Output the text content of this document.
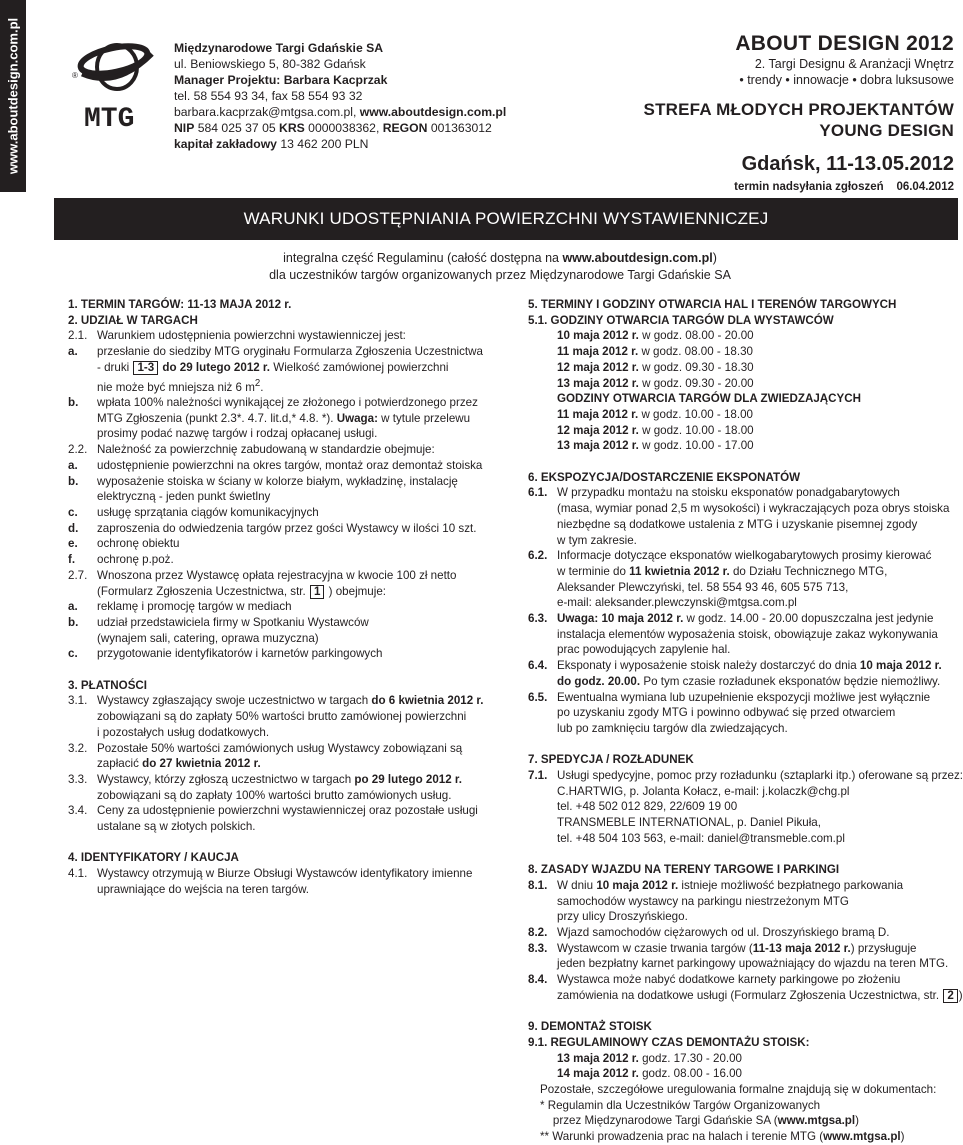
www.aboutdesign.com.pl MTG
®
Międzynarodowe Targi Gdańskie SA
ul. Beniowskiego 5, 80-382 Gdańsk
Manager Projektu: Barbara Kacprzak
tel. 58 554 93 34, fax 58 554 93 32
barbara.kacprzak@mtgsa.com.pl, www.aboutdesign.com.pl
NIP 584 025 37 05 KRS 0000038362, REGON 001363012
kapitał zakładowy 13 462 200 PLN
ABOUT DESIGN 2012
2. Targi Designu & Aranżacji Wnętrz
• trendy • innowacje • dobra luksusowe
STREFA MŁODYCH PROJEKTANTÓW
YOUNG DESIGN
Gdańsk, 11-13.05.2012
termin nadsyłania zgłoszeń 06.04.2012
WARUNKI UDOSTĘPNIANIA POWIERZCHNI WYSTAWIENNICZEJ
integralna część Regulaminu (całość dostępna na www.aboutdesign.com.pl)
dla uczestników targów organizowanych przez Międzynarodowe Targi Gdańskie SA
1. TERMIN TARGÓW: 11-13 MAJA 2012 r.
2. UDZIAŁ W TARGACH
2.1. Warunkiem udostępnienia powierzchni wystawienniczej jest:
a.	przesłanie do siedziby MTG oryginału Formularza Zgłoszenia Uczestnictwa
- druki 1-3 do 29 lutego 2012 r. Wielkość zamówionej powierzchni
nie może być mniejsza niż 6 $m^2$.
b.	wpłata 100% należności wynikającej ze złożonego i potwierdzonego przez
MTG Zgłoszenia (punkt 2.3*. 4.7. lit.d,* 4.8. *). Uwaga: w tytule przelewu
prosimy podać nazwę targów i rodzaj opłacanej usługi.
2.2. Należność za powierzchnię zabudowaną w standardzie obejmuje:
a.	udostępnienie powierzchni na okres targów, montaż oraz demontaż stoiska
b.	wyposażenie stoiska w ściany w kolorze białym, wykładzinę, instalację
elektryczną - jeden punkt świetlny
c.	usługę sprzątania ciągów komunikacyjnych
d.	zaproszenia do odwiedzenia targów przez gości Wystawcy w ilości 10 szt.
e.	ochronę obiektu
f.	ochronę p.poż.
2.7. Wnoszona przez Wystawcę opłata rejestracyjna w kwocie 100 zł netto
(Formularz Zgłoszenia Uczestnictwa, str. 1 ) obejmuje:
a.	reklamę i promocję targów w mediach
b.	udział przedstawiciela firmy w Spotkaniu Wystawców
(wynajem sali, catering, oprawa muzyczna)
c.	przygotowanie identyfikatorów i karnetów parkingowych
3. PŁATNOŚCI
3.1. Wystawcy zgłaszający swoje uczestnictwo w targach do 6 kwietnia 2012 r.
zobowiązani są do zapłaty 50% wartości brutto zamówionej powierzchni
i pozostałych usług dodatkowych.
3.2. Pozostałe 50% wartości zamówionych usług Wystawcy zobowiązani są
zapłacić do 27 kwietnia 2012 r.
3.3. Wystawcy, którzy zgłoszą uczestnictwo w targach po 29 lutego 2012 r.
zobowiązani są do zapłaty 100% wartości brutto zamówionych usług.
3.4. Ceny za udostępnienie powierzchni wystawienniczej oraz pozostałe usługi
ustalane są w złotych polskich.
4. IDENTYFIKATORY / KAUCJA
4.1. Wystawcy otrzymują w Biurze Obsługi Wystawców identyfikatory imienne
uprawniające do wejścia na teren targów.
5. TERMINY I GODZINY OTWARCIA HAL I TERENÓW TARGOWYCH
5.1. GODZINY OTWARCIA TARGÓW DLA WYSTAWCÓW
10 maja 2012 r. w godz. 08.00 - 20.00
11 maja 2012 r. w godz. 08.00 - 18.30
12 maja 2012 r. w godz. 09.30 - 18.30
13 maja 2012 r. w godz. 09.30 - 20.00
GODZINY OTWARCIA TARGÓW DLA ZWIEDZAJĄCYCH
11 maja 2012 r. w godz. 10.00 - 18.00
12 maja 2012 r. w godz. 10.00 - 18.00
13 maja 2012 r. w godz. 10.00 - 17.00
6. EKSPOZYCJA/DOSTARCZENIE EKSPONATÓW
6.1. W przypadku montażu na stoisku eksponatów ponadgabarytowych
(masa, wymiar ponad 2,5 m wysokości) i wykraczających poza obrys stoiska
niezbędne są dodatkowe ustalenia z MTG i uzyskanie pisemnej zgody
w tym zakresie.
6.2. Informacje dotyczące eksponatów wielkogabarytowych prosimy kierować
w terminie do 11 kwietnia 2012 r. do Działu Technicznego MTG,
Aleksander Plewczyński, tel. 58 554 93 46, 605 575 713,
e-mail: aleksander.plewczynski@mtgsa.com.pl
6.3. Uwaga: 10 maja 2012 r. w godz. 14.00 - 20.00 dopuszczalna jest jedynie
instalacja elementów wyposażenia stoisk, obowiązuje zakaz wykonywania
prac powodujących zapylenie hal.
6.4. Eksponaty i wyposażenie stoisk należy dostarczyć do dnia 10 maja 2012 r.
do godz. 20.00. Po tym czasie rozładunek eksponatów będzie niemożliwy.
6.5. Ewentualna wymiana lub uzupełnienie ekspozycji możliwe jest wyłącznie
po uzyskaniu zgody MTG i powinno odbywać się przed otwarciem
lub po zamknięciu targów dla zwiedzających.
7. SPEDYCJA / ROZŁADUNEK
7.1. Usługi spedycyjne, pomoc przy rozładunku (sztaplarki itp.) oferowane są przez:
C.HARTWIG, p. Jolanta Kołacz, e-mail: j.kolaczk@chg.pl
tel. +48 502 012 829, 22/609 19 00
TRANSMEBLE INTERNATIONAL, p. Daniel Pikuła,
tel. +48 504 103 563, e-mail: daniel@transmeble.com.pl
8. ZASADY WJAZDU NA TERENY TARGOWE I PARKINGI
8.1. W dniu 10 maja 2012 r. istnieje możliwość bezpłatnego parkowania
samochodów wystawcy na parkingu niestrzeżonym MTG
przy ulicy Droszyńskiego.
8.2. Wjazd samochodów ciężarowych od ul. Droszyńskiego bramą D.
8.3. Wystawcom w czasie trwania targów (11-13 maja 2012 r.) przysługuje
jeden bezpłatny karnet parkingowy upoważniający do wjazdu na teren MTG.
8.4. Wystawca może nabyć dodatkowe karnety parkingowe po złożeniu
zamówienia na dodatkowe usługi (Formularz Zgłoszenia Uczestnictwa, str. 2 )
9. DEMONTAŻ STOISK
9.1. REGULAMINOWY CZAS DEMONTAŻU STOISK:
13 maja 2012 r. godz. 17.30 - 20.00
14 maja 2012 r. godz. 08.00 - 16.00
Pozostałe, szczegółowe uregulowania formalne znajdują się w dokumentach:
* Regulamin dla Uczestników Targów Organizowanych
przez Międzynarodowe Targi Gdańskie SA (www.mtgsa.pl)
** Warunki prowadzenia prac na halach i terenie MTG (www.mtgsa.pl)
